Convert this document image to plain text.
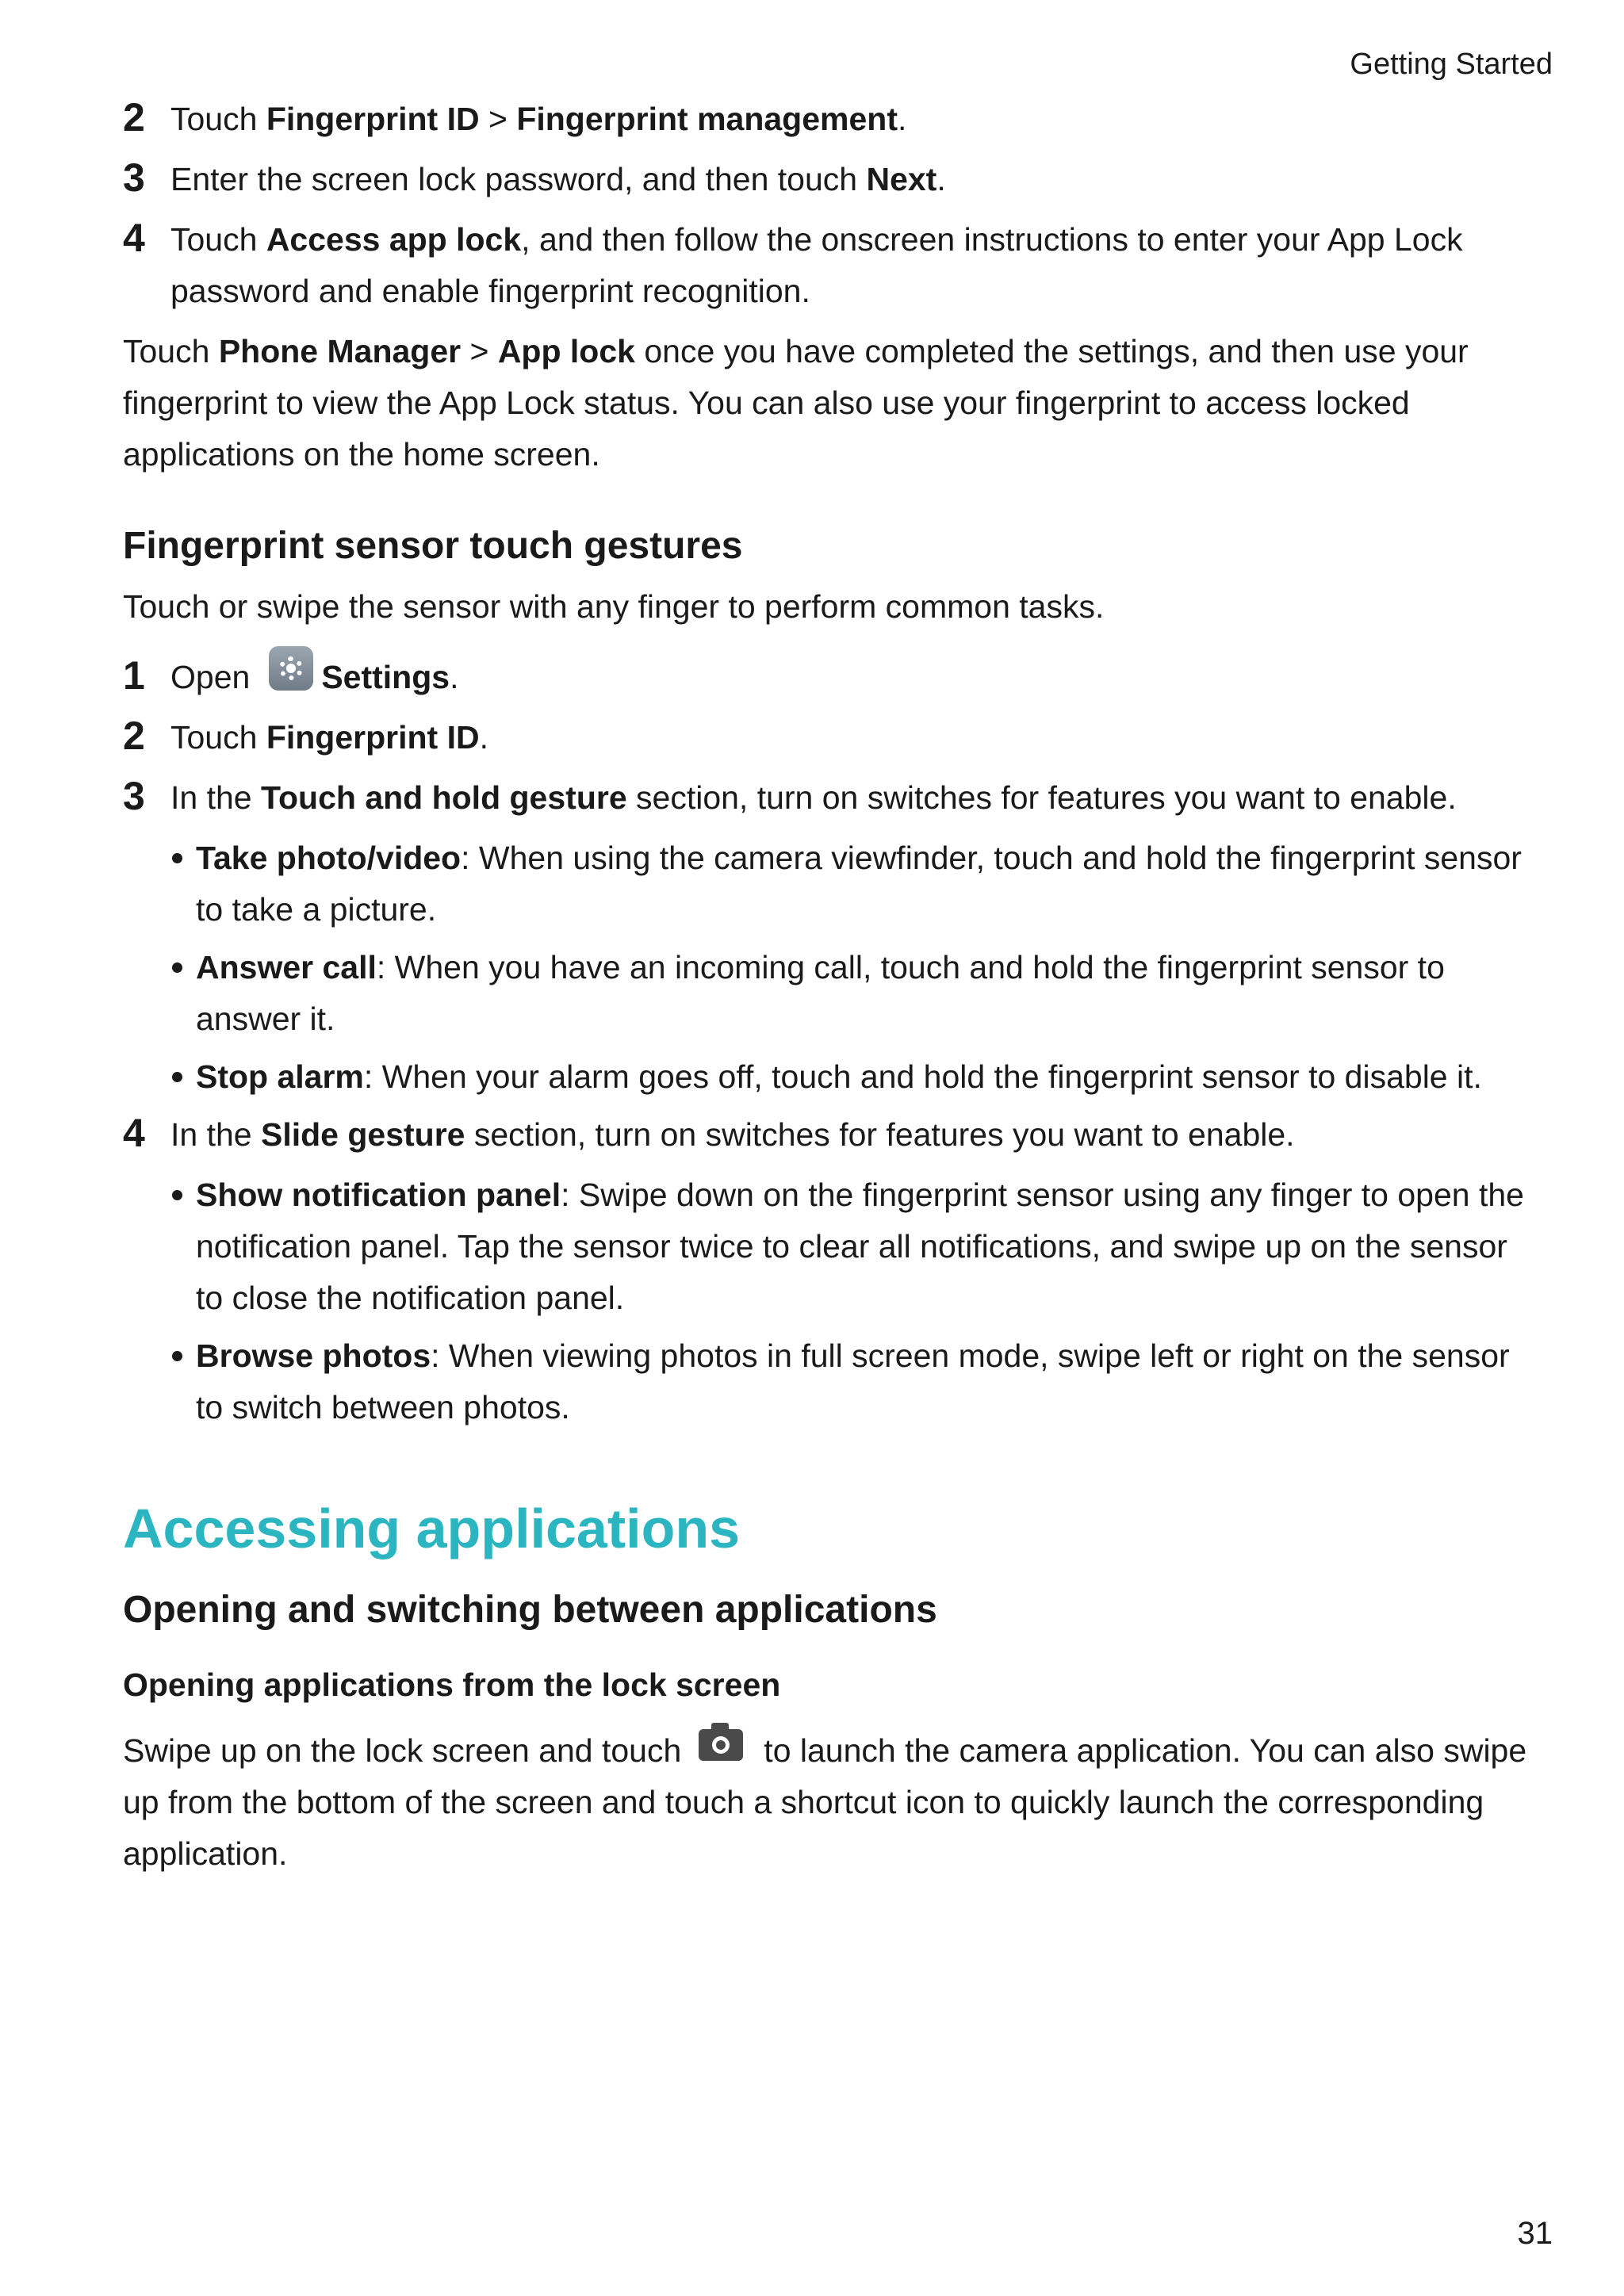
Getting Started
2 Touch Fingerprint ID > Fingerprint management.
3 Enter the screen lock password, and then touch Next.
4 Touch Access app lock, and then follow the onscreen instructions to enter your App Lock password and enable fingerprint recognition.

Touch Phone Manager > App lock once you have completed the settings, and then use your fingerprint to view the App Lock status. You can also use your fingerprint to access locked applications on the home screen.

Fingerprint sensor touch gestures

Touch or swipe the sensor with any finger to perform common tasks.

1 Open Settings.
2 Touch Fingerprint ID.
3 In the Touch and hold gesture section, turn on switches for features you want to enable.
Take photo/video: When using the camera viewfinder, touch and hold the fingerprint sensor to take a picture.
Answer call: When you have an incoming call, touch and hold the fingerprint sensor to answer it.
Stop alarm: When your alarm goes off, touch and hold the fingerprint sensor to disable it.
4 In the Slide gesture section, turn on switches for features you want to enable.
Show notification panel: Swipe down on the fingerprint sensor using any finger to open the notification panel. Tap the sensor twice to clear all notifications, and swipe up on the sensor to close the notification panel.
Browse photos: When viewing photos in full screen mode, swipe left or right on the sensor to switch between photos.
Accessing applications
Opening and switching between applications
Opening applications from the lock screen

Swipe up on the lock screen and touch	to launch the camera application. You can also swipe up from the bottom of the screen and touch a shortcut icon to quickly launch the corresponding application.

31
